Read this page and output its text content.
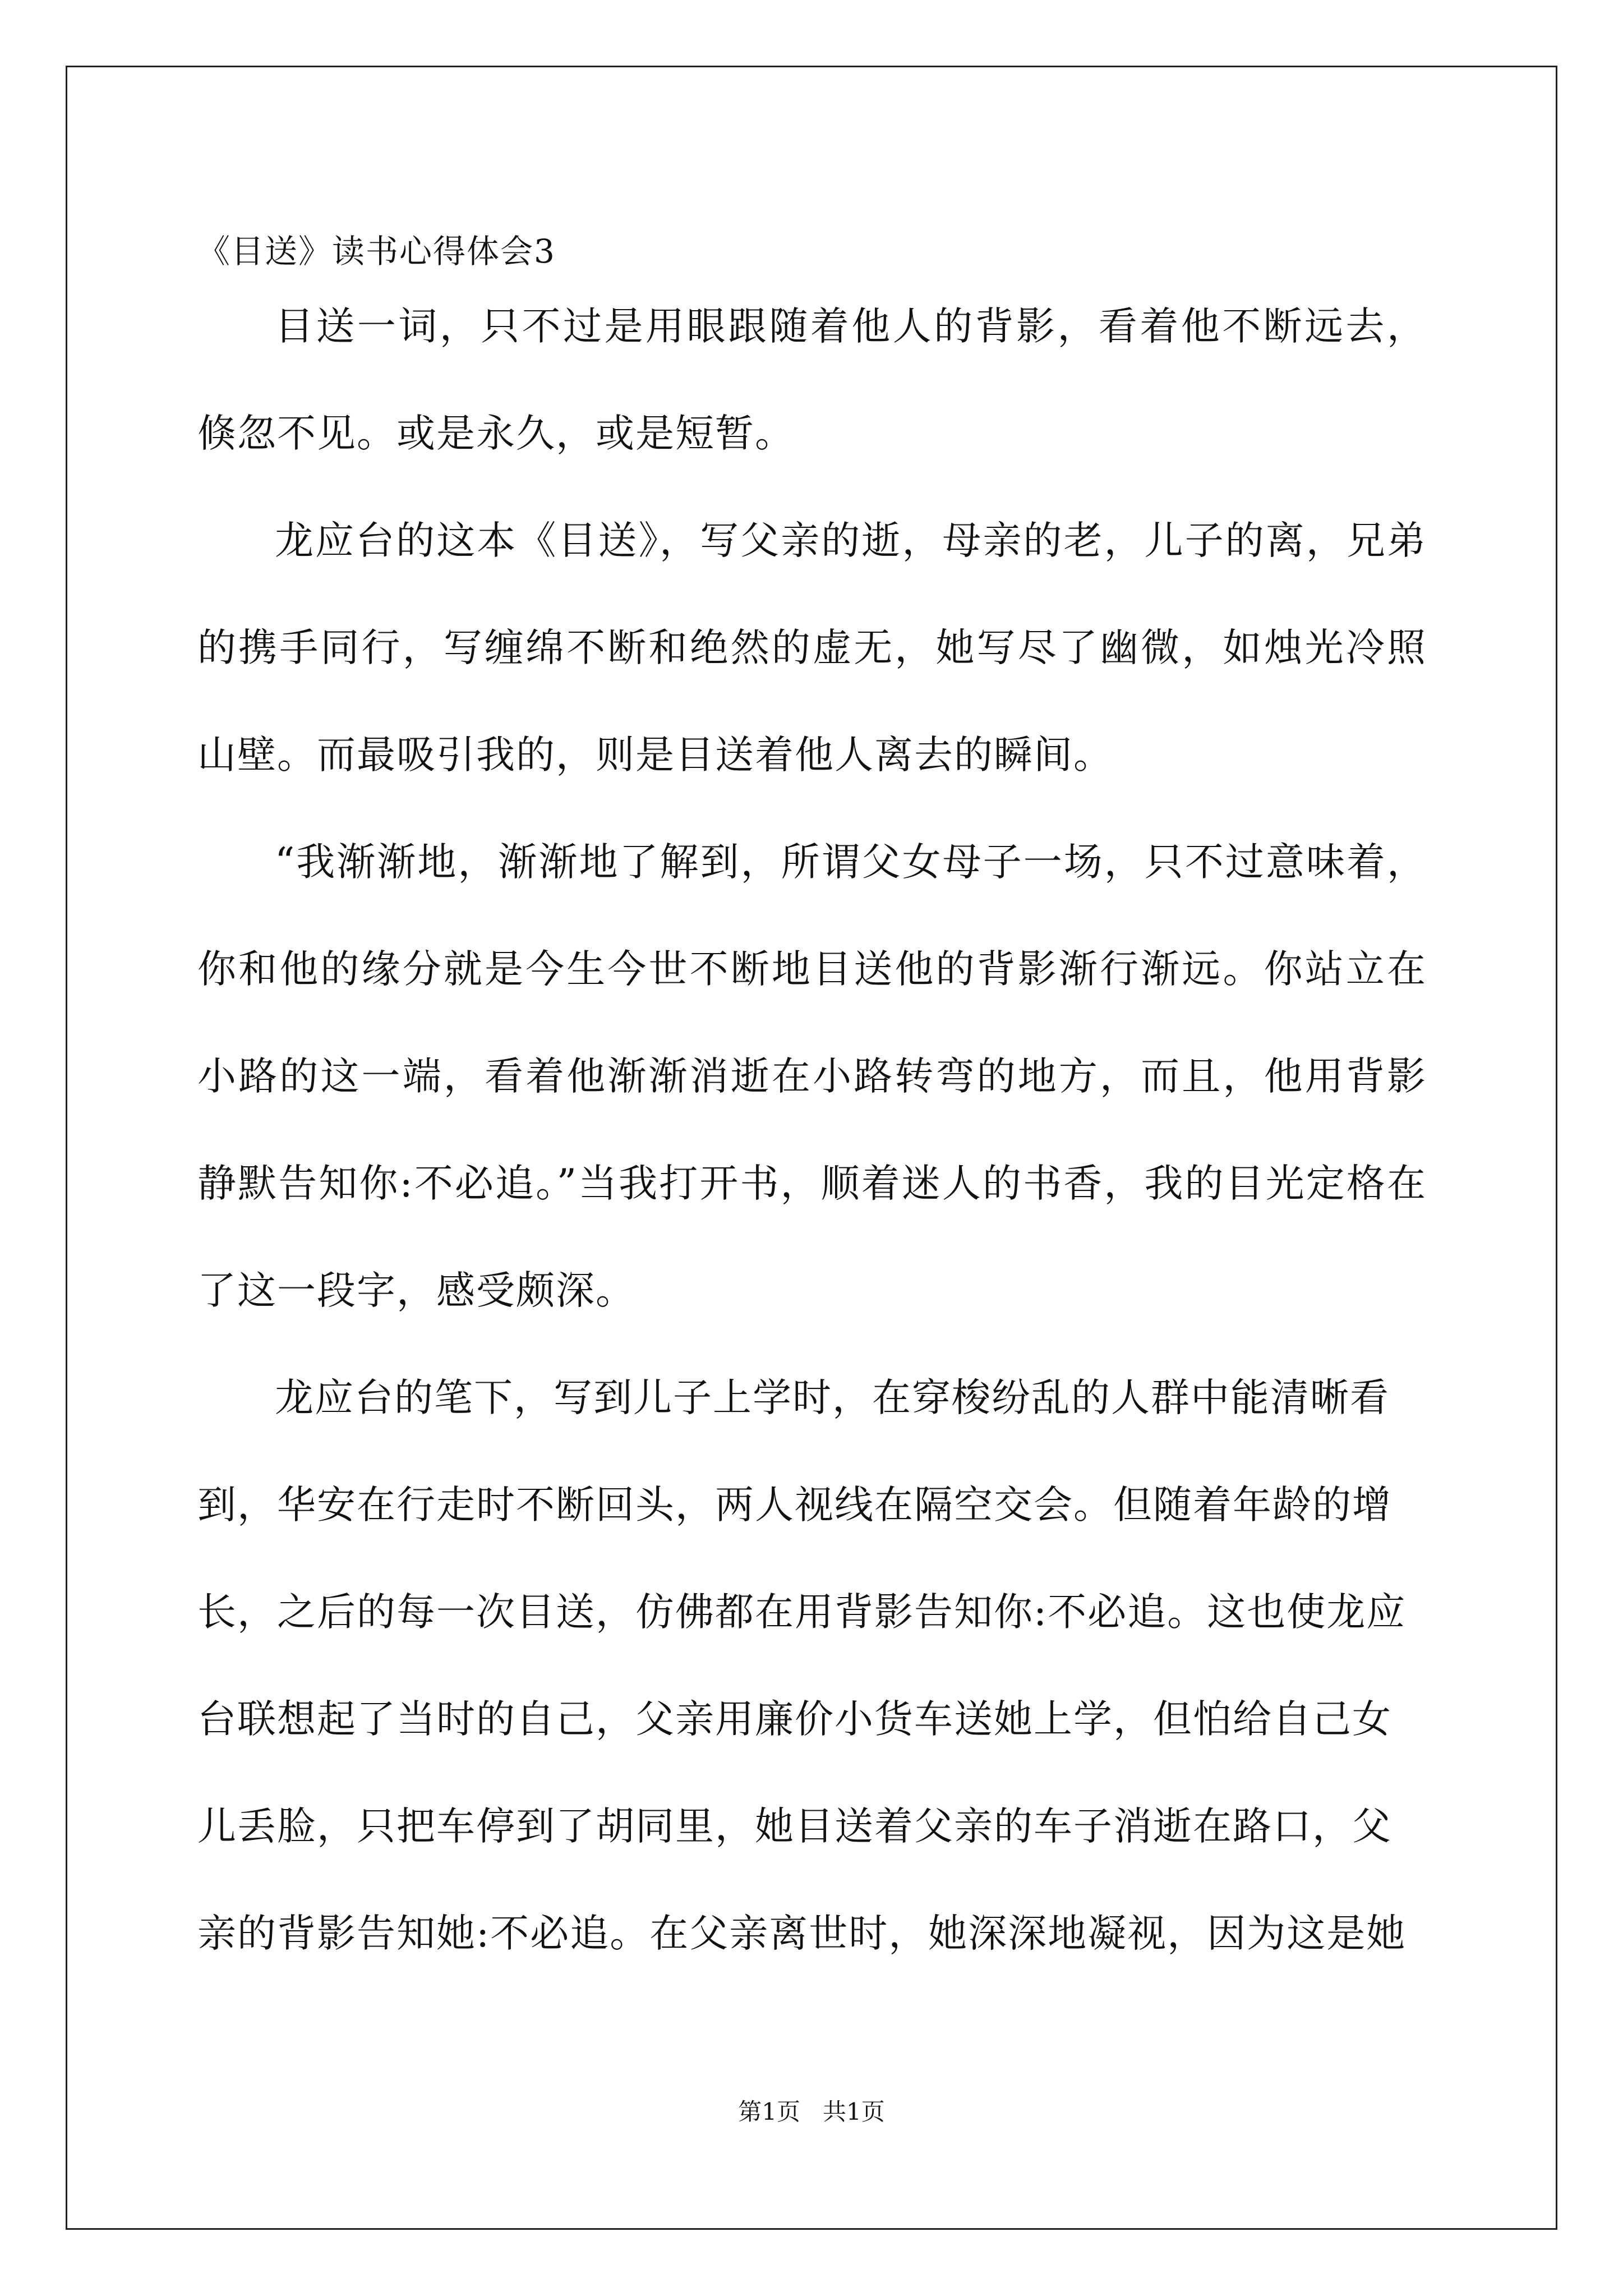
《目送》读书心得体会3

目送一词，只不过是用眼跟随着他人的背影，看着他不断远去，倏忽不见。或是永久，或是短暂。

龙应台的这本《目送》，写父亲的逝，母亲的老，儿子的离，兄弟的携手同行，写缠绵不断和绝然的虚无，她写尽了幽微，如烛光冷照山壁。而最吸引我的，则是目送着他人离去的瞬间。

“我渐渐地，渐渐地了解到，所谓父女母子一场，只不过意味着，你和他的缘分就是今生今世不断地目送他的背影渐行渐远。你站立在小路的这一端，看着他渐渐消逝在小路转弯的地方，而且，他用背影静默告知你:不必追。”当我打开书，顺着迷人的书香，我的目光定格在了这一段字，感受颇深。

龙应台的笔下，写到儿子上学时，在穿梭纷乱的人群中能清晰看到，华安在行走时不断回头，两人视线在隔空交会。但随着年龄的增长，之后的每一次目送，仿佛都在用背影告知你:不必追。这也使龙应台联想起了当时的自己，父亲用廉价小货车送她上学，但怕给自己女儿丢脸，只把车停到了胡同里，她目送着父亲的车子消逝在路口，父亲的背影告知她:不必追。在父亲离世时，她深深地凝视，因为这是她

第1页 共1页
